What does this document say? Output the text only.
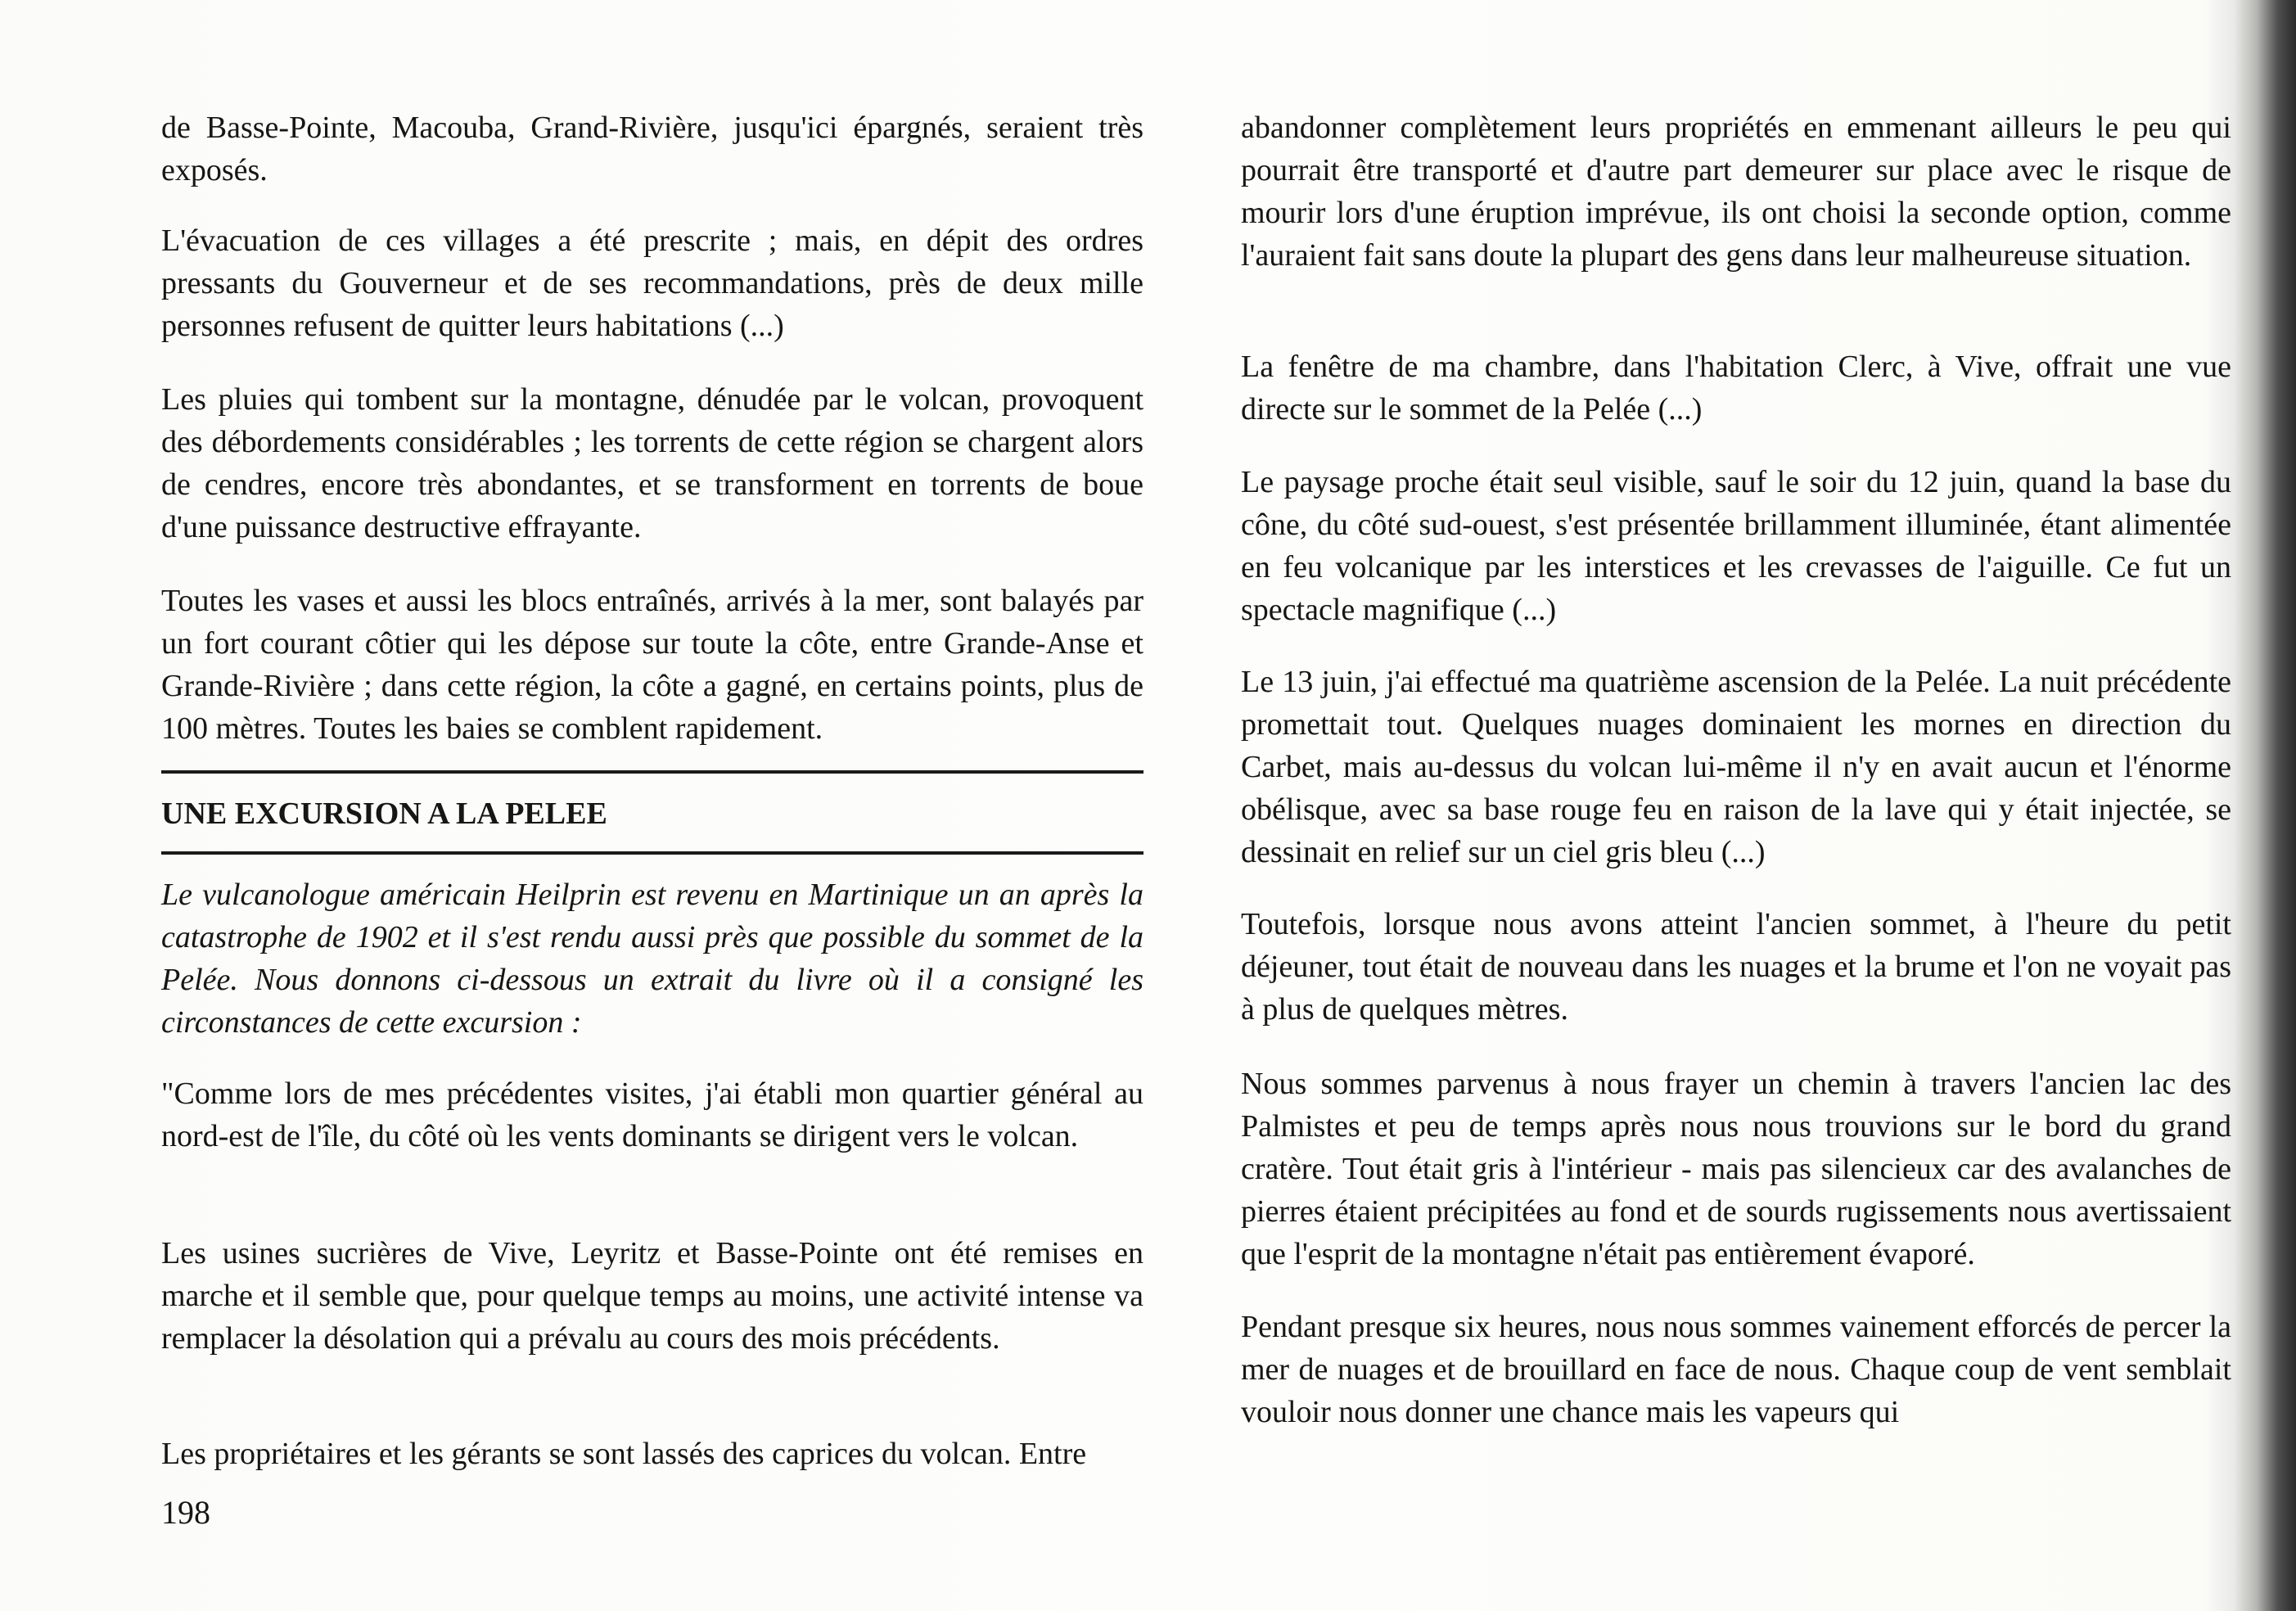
de Basse-Pointe, Macouba, Grand-Rivière, jusqu'ici épargnés, seraient très exposés.

L'évacuation de ces villages a été prescrite ; mais, en dépit des ordres pressants du Gouverneur et de ses recommandations, près de deux mille personnes refusent de quitter leurs habitations (...)

Les pluies qui tombent sur la montagne, dénudée par le volcan, provoquent des débordements considérables ; les torrents de cette région se chargent alors de cendres, encore très abondantes, et se transforment en torrents de boue d'une puissance destructive effrayante.

Toutes les vases et aussi les blocs entraînés, arrivés à la mer, sont balayés par un fort courant côtier qui les dépose sur toute la côte, entre Grande-Anse et Grande-Rivière ; dans cette région, la côte a gagné, en certains points, plus de 100 mètres. Toutes les baies se comblent rapidement.

UNE EXCURSION A LA PELEE

Le vulcanologue américain Heilprin est revenu en Martinique un an après la catastrophe de 1902 et il s'est rendu aussi près que possible du sommet de la Pelée. Nous donnons ci-dessous un extrait du livre où il a consigné les circonstances de cette excursion :

"Comme lors de mes précédentes visites, j'ai établi mon quartier général au nord-est de l'île, du côté où les vents dominants se dirigent vers le volcan.

Les usines sucrières de Vive, Leyritz et Basse-Pointe ont été remises en marche et il semble que, pour quelque temps au moins, une activité intense va remplacer la désolation qui a prévalu au cours des mois précédents.

Les propriétaires et les gérants se sont lassés des caprices du volcan. Entre

198

abandonner complètement leurs propriétés en emmenant ailleurs le peu qui pourrait être transporté et d'autre part demeurer sur place avec le risque de mourir lors d'une éruption imprévue, ils ont choisi la seconde option, comme l'auraient fait sans doute la plupart des gens dans leur malheureuse situation.

La fenêtre de ma chambre, dans l'habitation Clerc, à Vive, offrait une vue directe sur le sommet de la Pelée (...)

Le paysage proche était seul visible, sauf le soir du 12 juin, quand la base du cône, du côté sud-ouest, s'est présentée brillamment illuminée, étant alimentée en feu volcanique par les interstices et les crevasses de l'aiguille. Ce fut un spectacle magnifique (...)

Le 13 juin, j'ai effectué ma quatrième ascension de la Pelée. La nuit précédente promettait tout. Quelques nuages dominaient les mornes en direction du Carbet, mais au-dessus du volcan lui-même il n'y en avait aucun et l'énorme obélisque, avec sa base rouge feu en raison de la lave qui y était injectée, se dessinait en relief sur un ciel gris bleu (...)

Toutefois, lorsque nous avons atteint l'ancien sommet, à l'heure du petit déjeuner, tout était de nouveau dans les nuages et la brume et l'on ne voyait pas à plus de quelques mètres.

Nous sommes parvenus à nous frayer un chemin à travers l'ancien lac des Palmistes et peu de temps après nous nous trouvions sur le bord du grand cratère. Tout était gris à l'intérieur - mais pas silencieux car des avalanches de pierres étaient précipitées au fond et de sourds rugissements nous avertissaient que l'esprit de la montagne n'était pas entièrement évaporé.

Pendant presque six heures, nous nous sommes vainement efforcés de percer la mer de nuages et de brouillard en face de nous. Chaque coup de vent semblait vouloir nous donner une chance mais les vapeurs qui
